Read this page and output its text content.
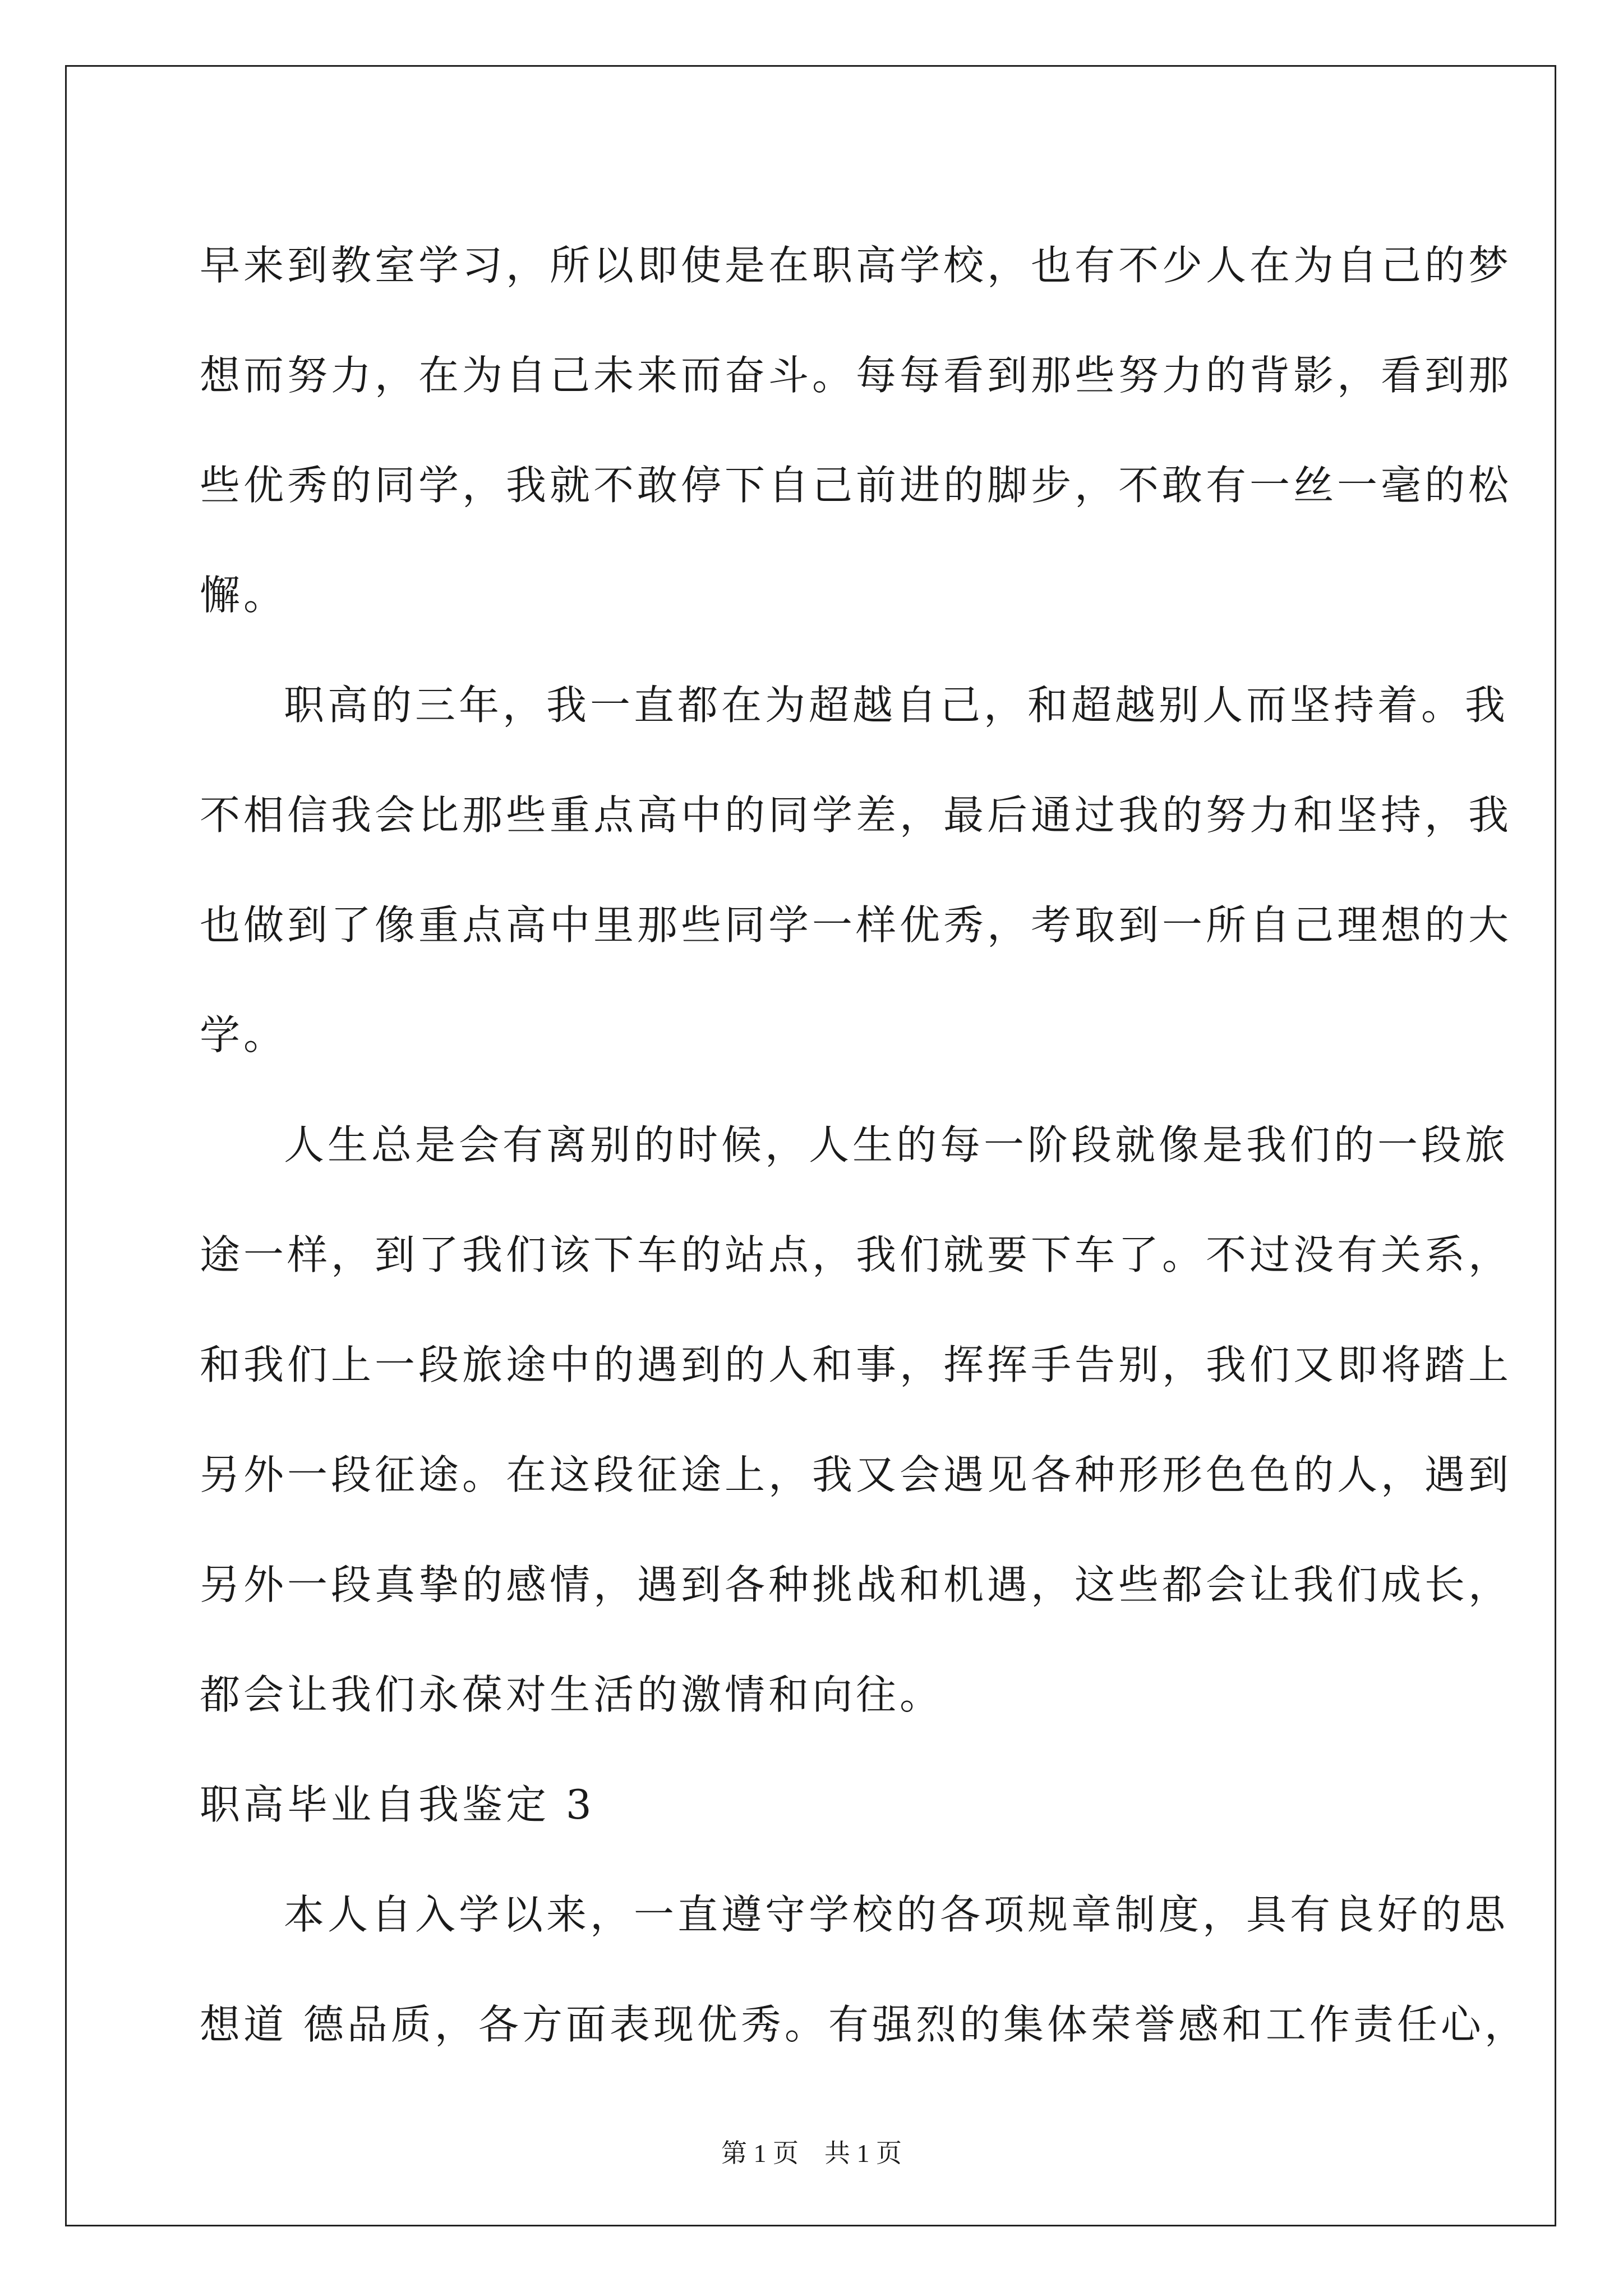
早来到教室学习，所以即使是在职高学校，也有不少人在为自己的梦
想而努力，在为自己未来而奋斗。每每看到那些努力的背影，看到那
些优秀的同学，我就不敢停下自己前进的脚步，不敢有一丝一毫的松
懈。
职高的三年，我一直都在为超越自己，和超越别人而坚持着。我
不相信我会比那些重点高中的同学差，最后通过我的努力和坚持，我
也做到了像重点高中里那些同学一样优秀，考取到一所自己理想的大
学。
人生总是会有离别的时候，人生的每一阶段就像是我们的一段旅
途一样，到了我们该下车的站点，我们就要下车了。不过没有关系，
和我们上一段旅途中的遇到的人和事，挥挥手告别，我们又即将踏上
另外一段征途。在这段征途上，我又会遇见各种形形色色的人，遇到
另外一段真挚的感情，遇到各种挑战和机遇，这些都会让我们成长，
都会让我们永葆对生活的激情和向往。
职高毕业自我鉴定 3
本人自入学以来，一直遵守学校的各项规章制度，具有良好的思
想道 德品质，各方面表现优秀。有强烈的集体荣誉感和工作责任心，
第 1 页 共 1 页
